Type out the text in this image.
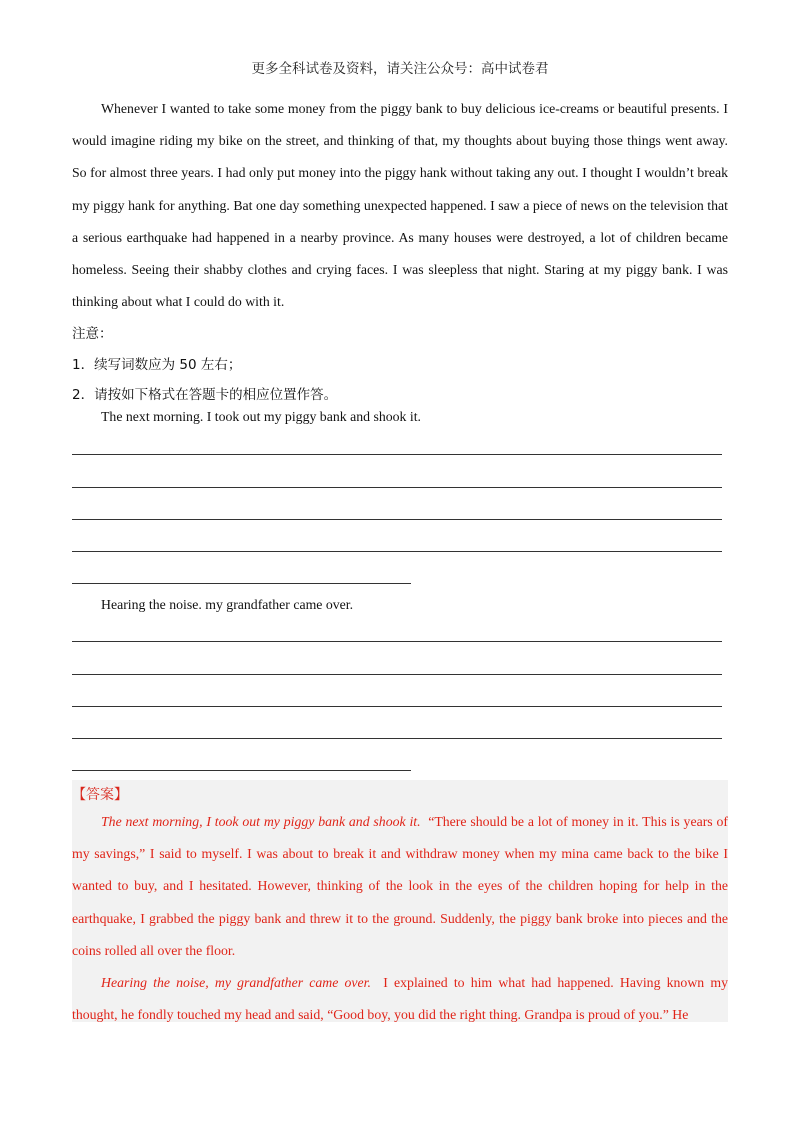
更多全科试卷及资料，请关注公众号：高中试卷君

Whenever I wanted to take some money from the piggy bank to buy delicious ice-creams or beautiful presents. I would imagine riding my bike on the street, and thinking of that, my thoughts about buying those things went away. So for almost three years. I had only put money into the piggy hank without taking any out. I thought I wouldn’t break my piggy hank for anything. Bat one day something unexpected happened. I saw a piece of news on the television that a serious earthquake had happened in a nearby province. As many houses were destroyed, a lot of children became homeless. Seeing their shabby clothes and crying faces. I was sleepless that night. Staring at my piggy bank. I was thinking about what I could do with it.

注意：
1．续写词数应为 50 左右；
2．请按如下格式在答题卡的相应位置作答。
The next morning. I took out my piggy bank and shook it.
Hearing the noise. my grandfather came over.
【答案】

The next morning, I took out my piggy bank and shook it. “There should be a lot of money in it. This is years of my savings,” I said to myself. I was about to break it and withdraw money when my mina came back to the bike I wanted to buy, and I hesitated. However, thinking of the look in the eyes of the children hoping for help in the earthquake, I grabbed the piggy bank and threw it to the ground. Suddenly, the piggy bank broke into pieces and the coins rolled all over the floor.

Hearing the noise, my grandfather came over. I explained to him what had happened. Having known my thought, he fondly touched my head and said, “Good boy, you did the right thing. Grandpa is proud of you.” He
